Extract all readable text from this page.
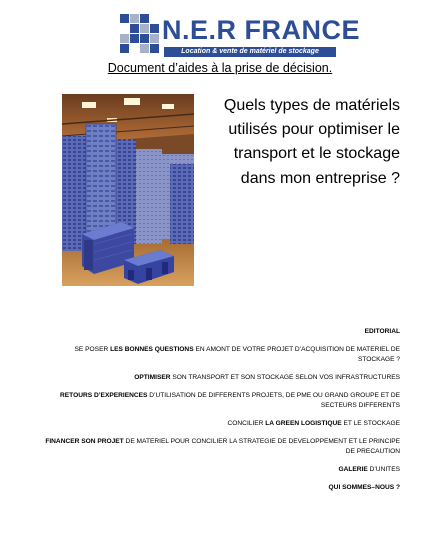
N.E.R FRANCE
Location & vente de matériel de stockage
Document d’aides à la prise de décision.
Quels types de matériels utilisés pour optimiser le transport et le stockage dans mon entreprise ?
EDITORIAL
SE POSER LES BONNES QUESTIONS EN AMONT DE VOTRE PROJET D’ACQUISITION DE MATERIEL DE STOCKAGE ?
OPTIMISER SON TRANSPORT ET SON STOCKAGE SELON VOS INFRASTRUCTURES
RETOURS D’EXPERIENCES D’UTILISATION DE DIFFERENTS PROJETS, DE PME OU GRAND GROUPE ET DE SECTEURS DIFFERENTS
CONCILIER LA GREEN LOGISTIQUE ET LE STOCKAGE
FINANCER SON PROJET DE MATERIEL POUR CONCILIER LA STRATEGIE DE DEVELOPPEMENT ET LE PRINCIPE DE PRECAUTION
GALERIE D’UNITES
QUI SOMMES–NOUS ?
